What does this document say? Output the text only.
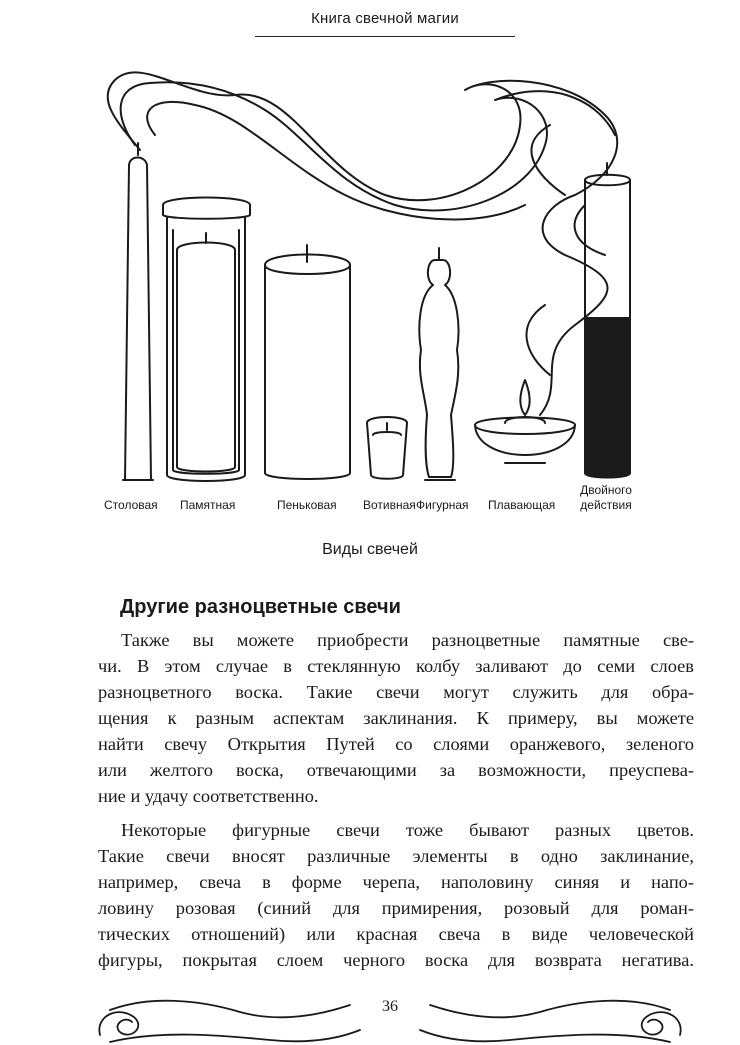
Книга свечной магии
Столовая Памятная	Пеньковая Вотивная Фигурная Плавающая
Двойного
действия
Виды свечей
Другие разноцветные свечи
Также вы можете приобрести разноцветные памятные све-
чи. В этом случае в стеклянную колбу заливают до семи слоев
разноцветного воска. Такие свечи могут служить для обра-
щения к разным аспектам заклинания. К примеру, вы можете
найти свечу Открытия Путей со слоями оранжевого, зеленого
или желтого воска, отвечающими за возможности, преуспева-
ние и удачу соответственно.
Некоторые фигурные свечи тоже бывают разных цветов.
Такие свечи вносят различные элементы в одно заклинание,
например, свеча в форме черепа, наполовину синяя и напо-
ловину розовая (синий для примирения, розовый для роман-
тических отношений) или красная свеча в виде человеческой
фигуры, покрытая слоем черного воска для возврата негатива.
36
